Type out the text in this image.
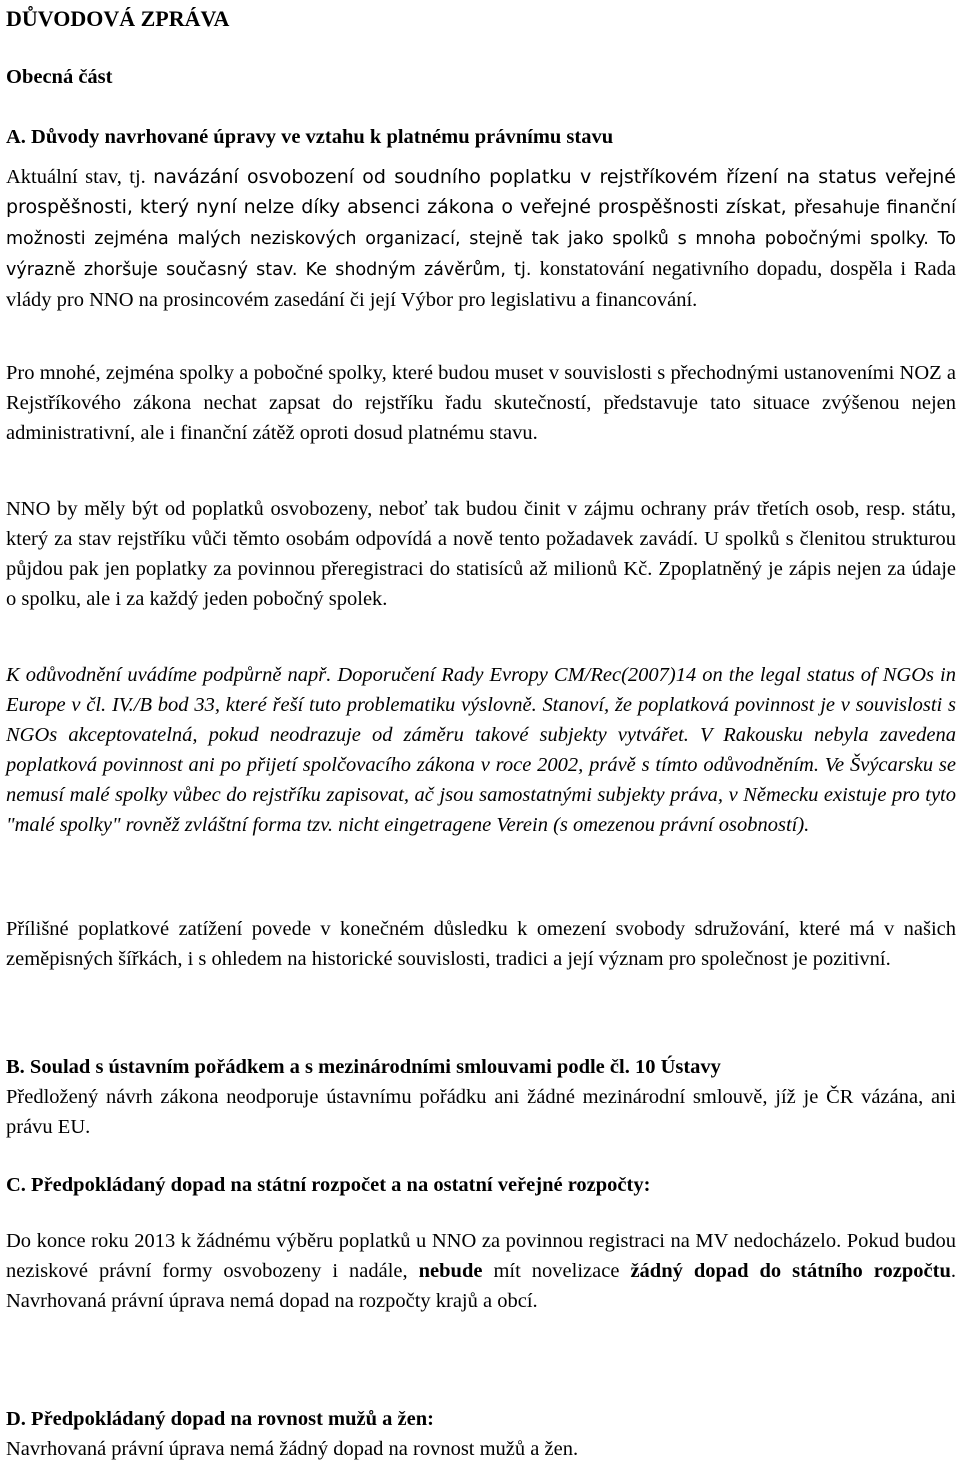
DŮVODOVÁ ZPRÁVA

Obecná část

A. Důvody navrhované úpravy ve vztahu k platnému právnímu stavu

Aktuální stav, tj. navázání osvobození od soudního poplatku v rejstříkovém řízení na status veřejné prospěšnosti, který nyní nelze díky absenci zákona o veřejné prospěšnosti získat, přesahuje finanční možnosti zejména malých neziskových organizací, stejně tak jako spolků s mnoha pobočnými spolky. To výrazně zhoršuje současný stav. Ke shodným závěrům, tj. konstatování negativního dopadu, dospěla i Rada vlády pro NNO na prosincovém zasedání či její Výbor pro legislativu a financování.

Pro mnohé, zejména spolky a pobočné spolky, které budou muset v souvislosti s přechodnými ustanoveními NOZ a Rejstříkového zákona nechat zapsat do rejstříku řadu skutečností, představuje tato situace zvýšenou nejen administrativní, ale i finanční zátěž oproti dosud platnému stavu.

NNO by měly být od poplatků osvobozeny, neboť tak budou činit v zájmu ochrany práv třetích osob, resp. státu, který za stav rejstříku vůči těmto osobám odpovídá a nově tento požadavek zavádí. U spolků s členitou strukturou půjdou pak jen poplatky za povinnou přeregistraci do statisíců až milionů Kč. Zpoplatněný je zápis nejen za údaje o spolku, ale i za každý jeden pobočný spolek.

K odůvodnění uvádíme podpůrně např. Doporučení Rady Evropy CM/Rec(2007)14 on the legal status of NGOs in Europe v čl. IV./B bod 33, které řeší tuto problematiku výslovně. Stanoví, že poplatková povinnost je v souvislosti s NGOs akceptovatelná, pokud neodrazuje od záměru takové subjekty vytvářet. V Rakousku nebyla zavedena poplatková povinnost ani po přijetí spolčovacího zákona v roce 2002, právě s tímto odůvodněním. Ve Švýcarsku se nemusí malé spolky vůbec do rejstříku zapisovat, ač jsou samostatnými subjekty práva, v Německu existuje pro tyto "malé spolky" rovněž zvláštní forma tzv. nicht eingetragene Verein (s omezenou právní osobností).

Přílišné poplatkové zatížení povede v konečném důsledku k omezení svobody sdružování, které má v našich zeměpisných šířkách, i s ohledem na historické souvislosti, tradici a její význam pro společnost je pozitivní.

B. Soulad s ústavním pořádkem a s mezinárodními smlouvami podle čl. 10 Ústavy

Předložený návrh zákona neodporuje ústavnímu pořádku ani žádné mezinárodní smlouvě, jíž je ČR vázána, ani právu EU.

C. Předpokládaný dopad na státní rozpočet a na ostatní veřejné rozpočty:

Do konce roku 2013 k žádnému výběru poplatků u NNO za povinnou registraci na MV nedocházelo. Pokud budou neziskové právní formy osvobozeny i nadále, nebude mít novelizace žádný dopad do státního rozpočtu. Navrhovaná právní úprava nemá dopad na rozpočty krajů a obcí.

D. Předpokládaný dopad na rovnost mužů a žen:

Navrhovaná právní úprava nemá žádný dopad na rovnost mužů a žen.
